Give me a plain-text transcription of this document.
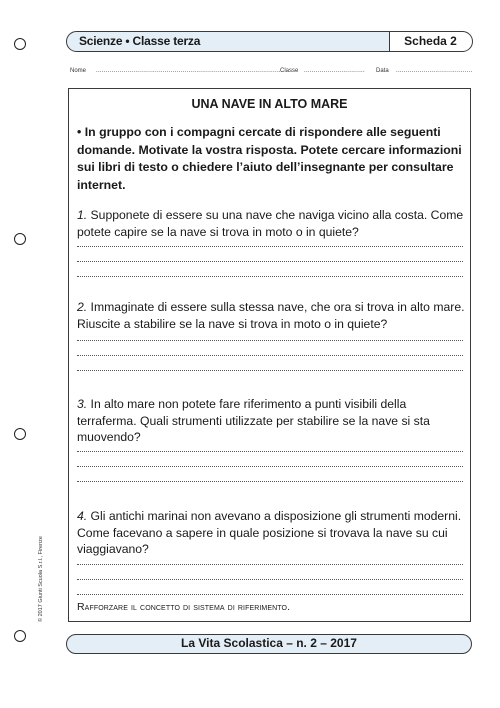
Scienze • Classe terza	Scheda 2
Nome .............................................................................................. Classe ............................... Data .......................................
UNA NAVE IN ALTO MARE
• In gruppo con i compagni cercate di rispondere alle seguenti domande. Motivate la vostra risposta. Potete cercare informazioni sui libri di testo o chiedere l’aiuto dell’insegnante per consultare internet.
1. Supponete di essere su una nave che naviga vicino alla costa. Come potete capire se la nave si trova in moto o in quiete?
2. Immaginate di essere sulla stessa nave, che ora si trova in alto mare. Riuscite a stabilire se la nave si trova in moto o in quiete?
3. In alto mare non potete fare riferimento a punti visibili della terraferma. Quali strumenti utilizzate per stabilire se la nave si sta muovendo?
4. Gli antichi marinai non avevano a disposizione gli strumenti moderni. Come facevano a sapere in quale posizione si trovava la nave su cui viaggiavano?
Rafforzare il concetto di sistema di riferimento.
© 2017 Giunti Scuola S.r.l., Firenze
La Vita Scolastica – n. 2 – 2017
